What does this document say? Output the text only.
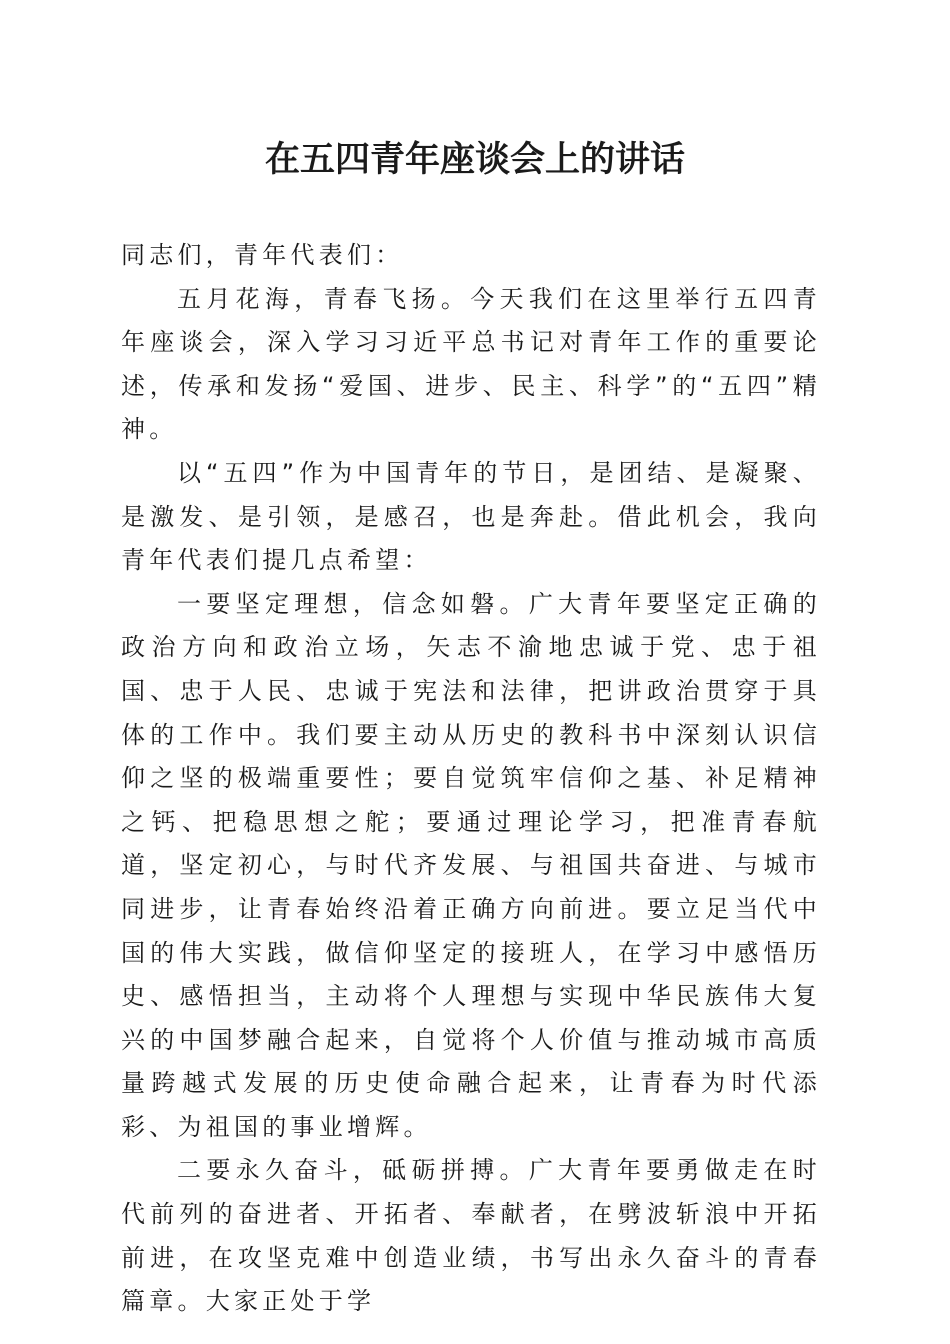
在五四青年座谈会上的讲话

同志们，青年代表们：

五月花海，青春飞扬。今天我们在这里举行五四青年座谈会，深入学习习近平总书记对青年工作的重要论述，传承和发扬“爱国、进步、民主、科学”的“五四”精神。

以“五四”作为中国青年的节日，是团结、是凝聚、是激发、是引领，是感召，也是奔赴。借此机会，我向青年代表们提几点希望：

一要坚定理想，信念如磐。广大青年要坚定正确的政治方向和政治立场，矢志不渝地忠诚于党、忠于祖国、忠于人民、忠诚于宪法和法律，把讲政治贯穿于具体的工作中。我们要主动从历史的教科书中深刻认识信仰之坚的极端重要性；要自觉筑牢信仰之基、补足精神之钙、把稳思想之舵；要通过理论学习，把准青春航道，坚定初心，与时代齐发展、与祖国共奋进、与城市同进步，让青春始终沿着正确方向前进。要立足当代中国的伟大实践，做信仰坚定的接班人，在学习中感悟历史、感悟担当，主动将个人理想与实现中华民族伟大复兴的中国梦融合起来，自觉将个人价值与推动城市高质量跨越式发展的历史使命融合起来，让青春为时代添彩、为祖国的事业增辉。

二要永久奋斗，砥砺拼搏。广大青年要勇做走在时代前列的奋进者、开拓者、奉献者，在劈波斩浪中开拓前进，在攻坚克难中创造业绩，书写出永久奋斗的青春篇章。大家正处于学
